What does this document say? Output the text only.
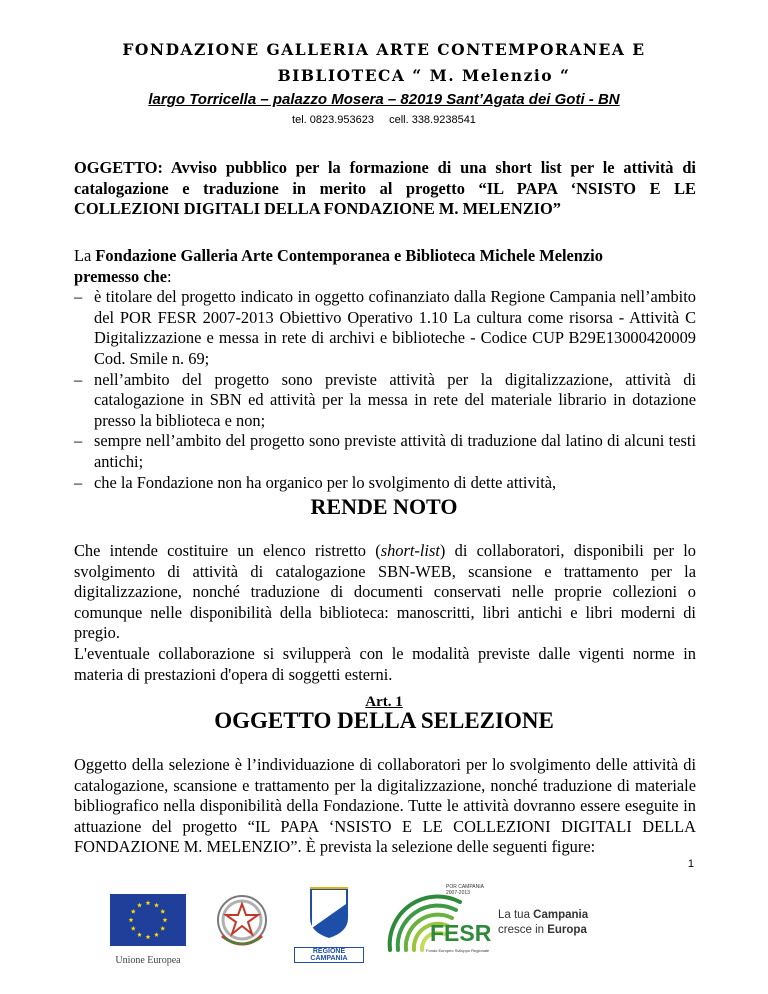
FONDAZIONE GALLERIA ARTE CONTEMPORANEA E
BIBLIOTECA “ M. Melenzio “
largo Torricella – palazzo Mosera – 82019 Sant’Agata dei Goti - BN
tel. 0823.953623 cell. 338.9238541
OGGETTO: Avviso pubblico per la formazione di una short list per le attività di catalogazione e traduzione in merito al progetto “IL PAPA ‘NSISTO E LE COLLEZIONI DIGITALI DELLA FONDAZIONE M. MELENZIO”
La Fondazione Galleria Arte Contemporanea e Biblioteca Michele Melenzio
premesso che:
– è titolare del progetto indicato in oggetto cofinanziato dalla Regione Campania nell’ambito del POR FESR 2007-2013 Obiettivo Operativo 1.10 La cultura come risorsa - Attività C Digitalizzazione e messa in rete di archivi e biblioteche - Codice CUP B29E13000420009 Cod. Smile n. 69;
– nell’ambito del progetto sono previste attività per la digitalizzazione, attività di catalogazione in SBN ed attività per la messa in rete del materiale librario in dotazione presso la biblioteca e non;
– sempre nell’ambito del progetto sono previste attività di traduzione dal latino di alcuni testi antichi;
– che la Fondazione non ha organico per lo svolgimento di dette attività,
RENDE NOTO
Che intende costituire un elenco ristretto (short-list) di collaboratori, disponibili per lo svolgimento di attività di catalogazione SBN-WEB, scansione e trattamento per la digitalizzazione, nonché traduzione di documenti conservati nelle proprie collezioni o comunque nelle disponibilità della biblioteca: manoscritti, libri antichi e libri moderni di pregio.
L'eventuale collaborazione si svilupperà con le modalità previste dalle vigenti norme in materia di prestazioni d'opera di soggetti esterni.
Art. 1
OGGETTO DELLA SELEZIONE
Oggetto della selezione è l’individuazione di collaboratori per lo svolgimento delle attività di catalogazione, scansione e trattamento per la digitalizzazione, nonché traduzione di materiale bibliografico nella disponibilità della Fondazione. Tutte le attività dovranno essere eseguite in attuazione del progetto “IL PAPA ‘NSISTO E LE COLLEZIONI DIGITALI DELLA FONDAZIONE M. MELENZIO”. È prevista la selezione delle seguenti figure:
1
Unione Europea
REGIONE CAMPANIA
POR CAMPANIA
2007-2013
FESR
Fondo Europeo Sviluppo Regionale
La tua Campania
cresce in Europa
